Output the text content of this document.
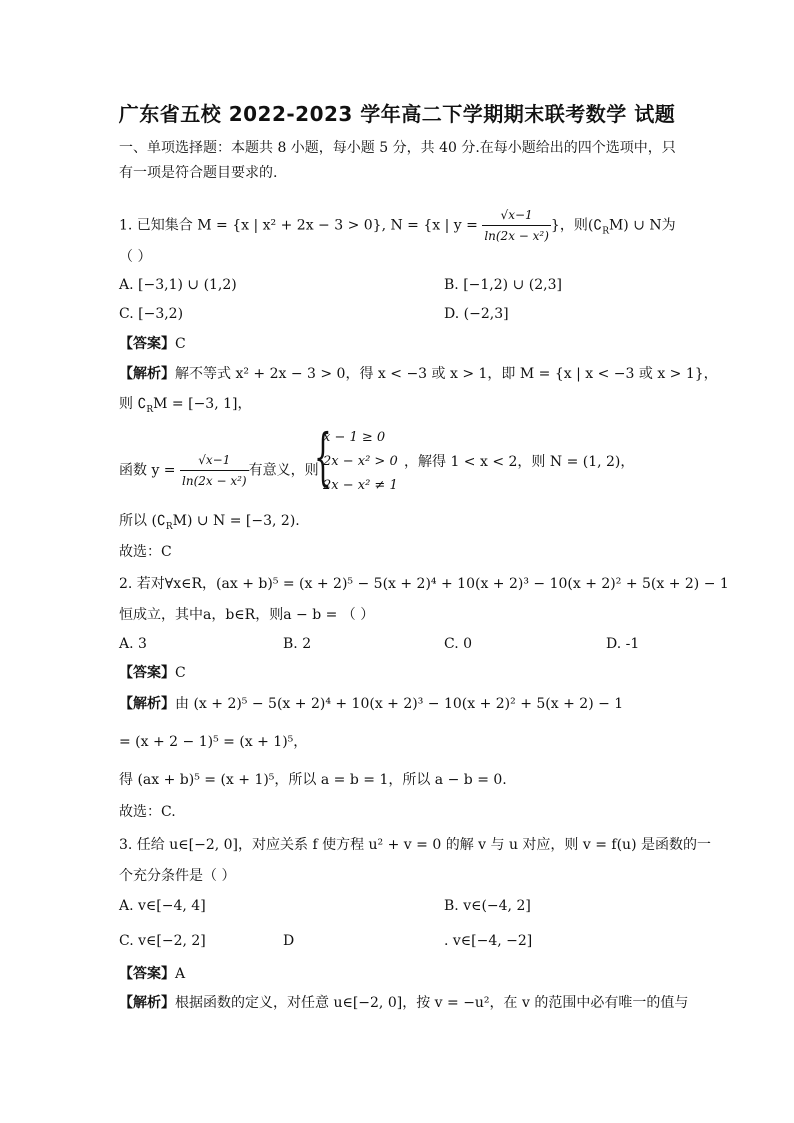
广东省五校 2022-2023 学年高二下学期期末联考数学 试题
一、单项选择题：本题共 8 小题，每小题 5 分，共 40 分.在每小题给出的四个选项中，只
有一项是符合题目要求的.
1. 已知集合 M = {x | x² + 2x − 3 > 0}, N = {x | $y = \frac{√x-1}{\text{ln(2x − x²)}}$ }，则$(∁_RM)$ ∪ N为
（ ）
A. [−3,1) ∪ (1,2)	B. [−1,2) ∪ (2,3]
C. [−3,2)	D. (−2,3]
【答案】C
【解析】解不等式 x² + 2x − 3 > 0，得 x < −3 或 x > 1，即 M = {x | x < −3 或 x > 1}，
则 $∁_RM = [-3$, 1]，
函数 $y = \frac{√x-1}{\text{ln(2x − x²)}}$ 有意义，则
{
x − 1 ≥ 0
2x − x² > 0
2x − x² ≠ 1
，解得 1 < x < 2，则 N = (1, 2)，
所以 $(∁_RM)$ ∪ N = [−3, 2).
故选：C
2. 若对∀x∈R，(ax + b)⁵ = (x + 2)⁵ − 5(x + 2)⁴ + 10(x + 2)³ − 10(x + 2)² + 5(x + 2) − 1
恒成立，其中a，b∈R，则a − b = （ ）
A. 3	B. 2	C. 0	D. -1
【答案】C
【解析】由 (x + 2)⁵ − 5(x + 2)⁴ + 10(x + 2)³ − 10(x + 2)² + 5(x + 2) − 1
= (x + 2 − 1)⁵ = (x + 1)⁵，
得 (ax + b)⁵ = (x + 1)⁵，所以 a = b = 1，所以 a − b = 0.
故选：C.
3. 任给 u∈[−2, 0]，对应关系 f 使方程 u² + v = 0 的解 v 与 u 对应，则 v = f(u) 是函数的一
个充分条件是（ ）
A. v∈[−4, 4]	B. v∈(−4, 2]
C. v∈[−2, 2]	D	. v∈[−4, −2]
【答案】A
【解析】根据函数的定义，对任意 u∈[−2, 0]，按 v = −u²，在 v 的范围中必有唯一的值与
